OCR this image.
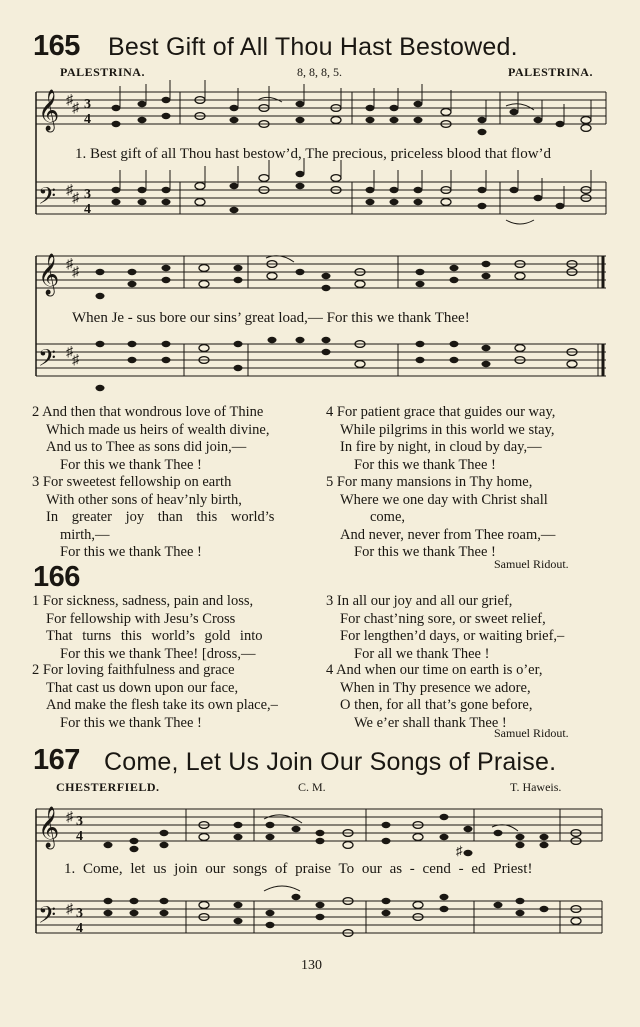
165 Best Gift of All Thou Hast Bestowed.
PALESTRINA.	8, 8, 8, 5.	PALESTRINA.
𝄞
𝄢
♯
♯
♯
♯
3
4
3
4
1. Best gift of all Thou hast bestow’d, The precious, priceless blood that flow’d
𝄞
𝄢
♯
♯
♯
♯
When Je - sus bore our sins’ great load,— For this we thank Thee!
2 And then that wondrous love of Thine
Which made us heirs of wealth divine,
And us to Thee as sons did join,—
For this we thank Thee !
3 For sweetest fellowship on earth
With other sons of heav’nly birth,
In greater joy than this world’s
mirth,—
For this we thank Thee !
4 For patient grace that guides our way,
While pilgrims in this world we stay,
In fire by night, in cloud by day,—
For this we thank Thee !
5 For many mansions in Thy home,
Where we one day with Christ shall
come,
And never, never from Thee roam,—
For this we thank Thee !
Samuel Ridout.
166
1 For sickness, sadness, pain and loss,
For fellowship with Jesu’s Cross
That turns this world’s gold into
For this we thank Thee! [dross,—
2 For loving faithfulness and grace
That cast us down upon our face,
And make the flesh take its own place,–
For this we thank Thee !
3 In all our joy and all our grief,
For chast’ning sore, or sweet relief,
For lengthen’d days, or waiting brief,–
For all we thank Thee !
4 And when our time on earth is o’er,
When in Thy presence we adore,
O then, for all that’s gone before,
We e’er shall thank Thee !
Samuel Ridout.
167 Come, Let Us Join Our Songs of Praise.
CHESTERFIELD.	C. M.	T. Haweis.
𝄞
𝄢
♯
♯
3
4
3
4
♯
1. Come, let us join our songs of praise To our as - cend - ed Priest!
130
